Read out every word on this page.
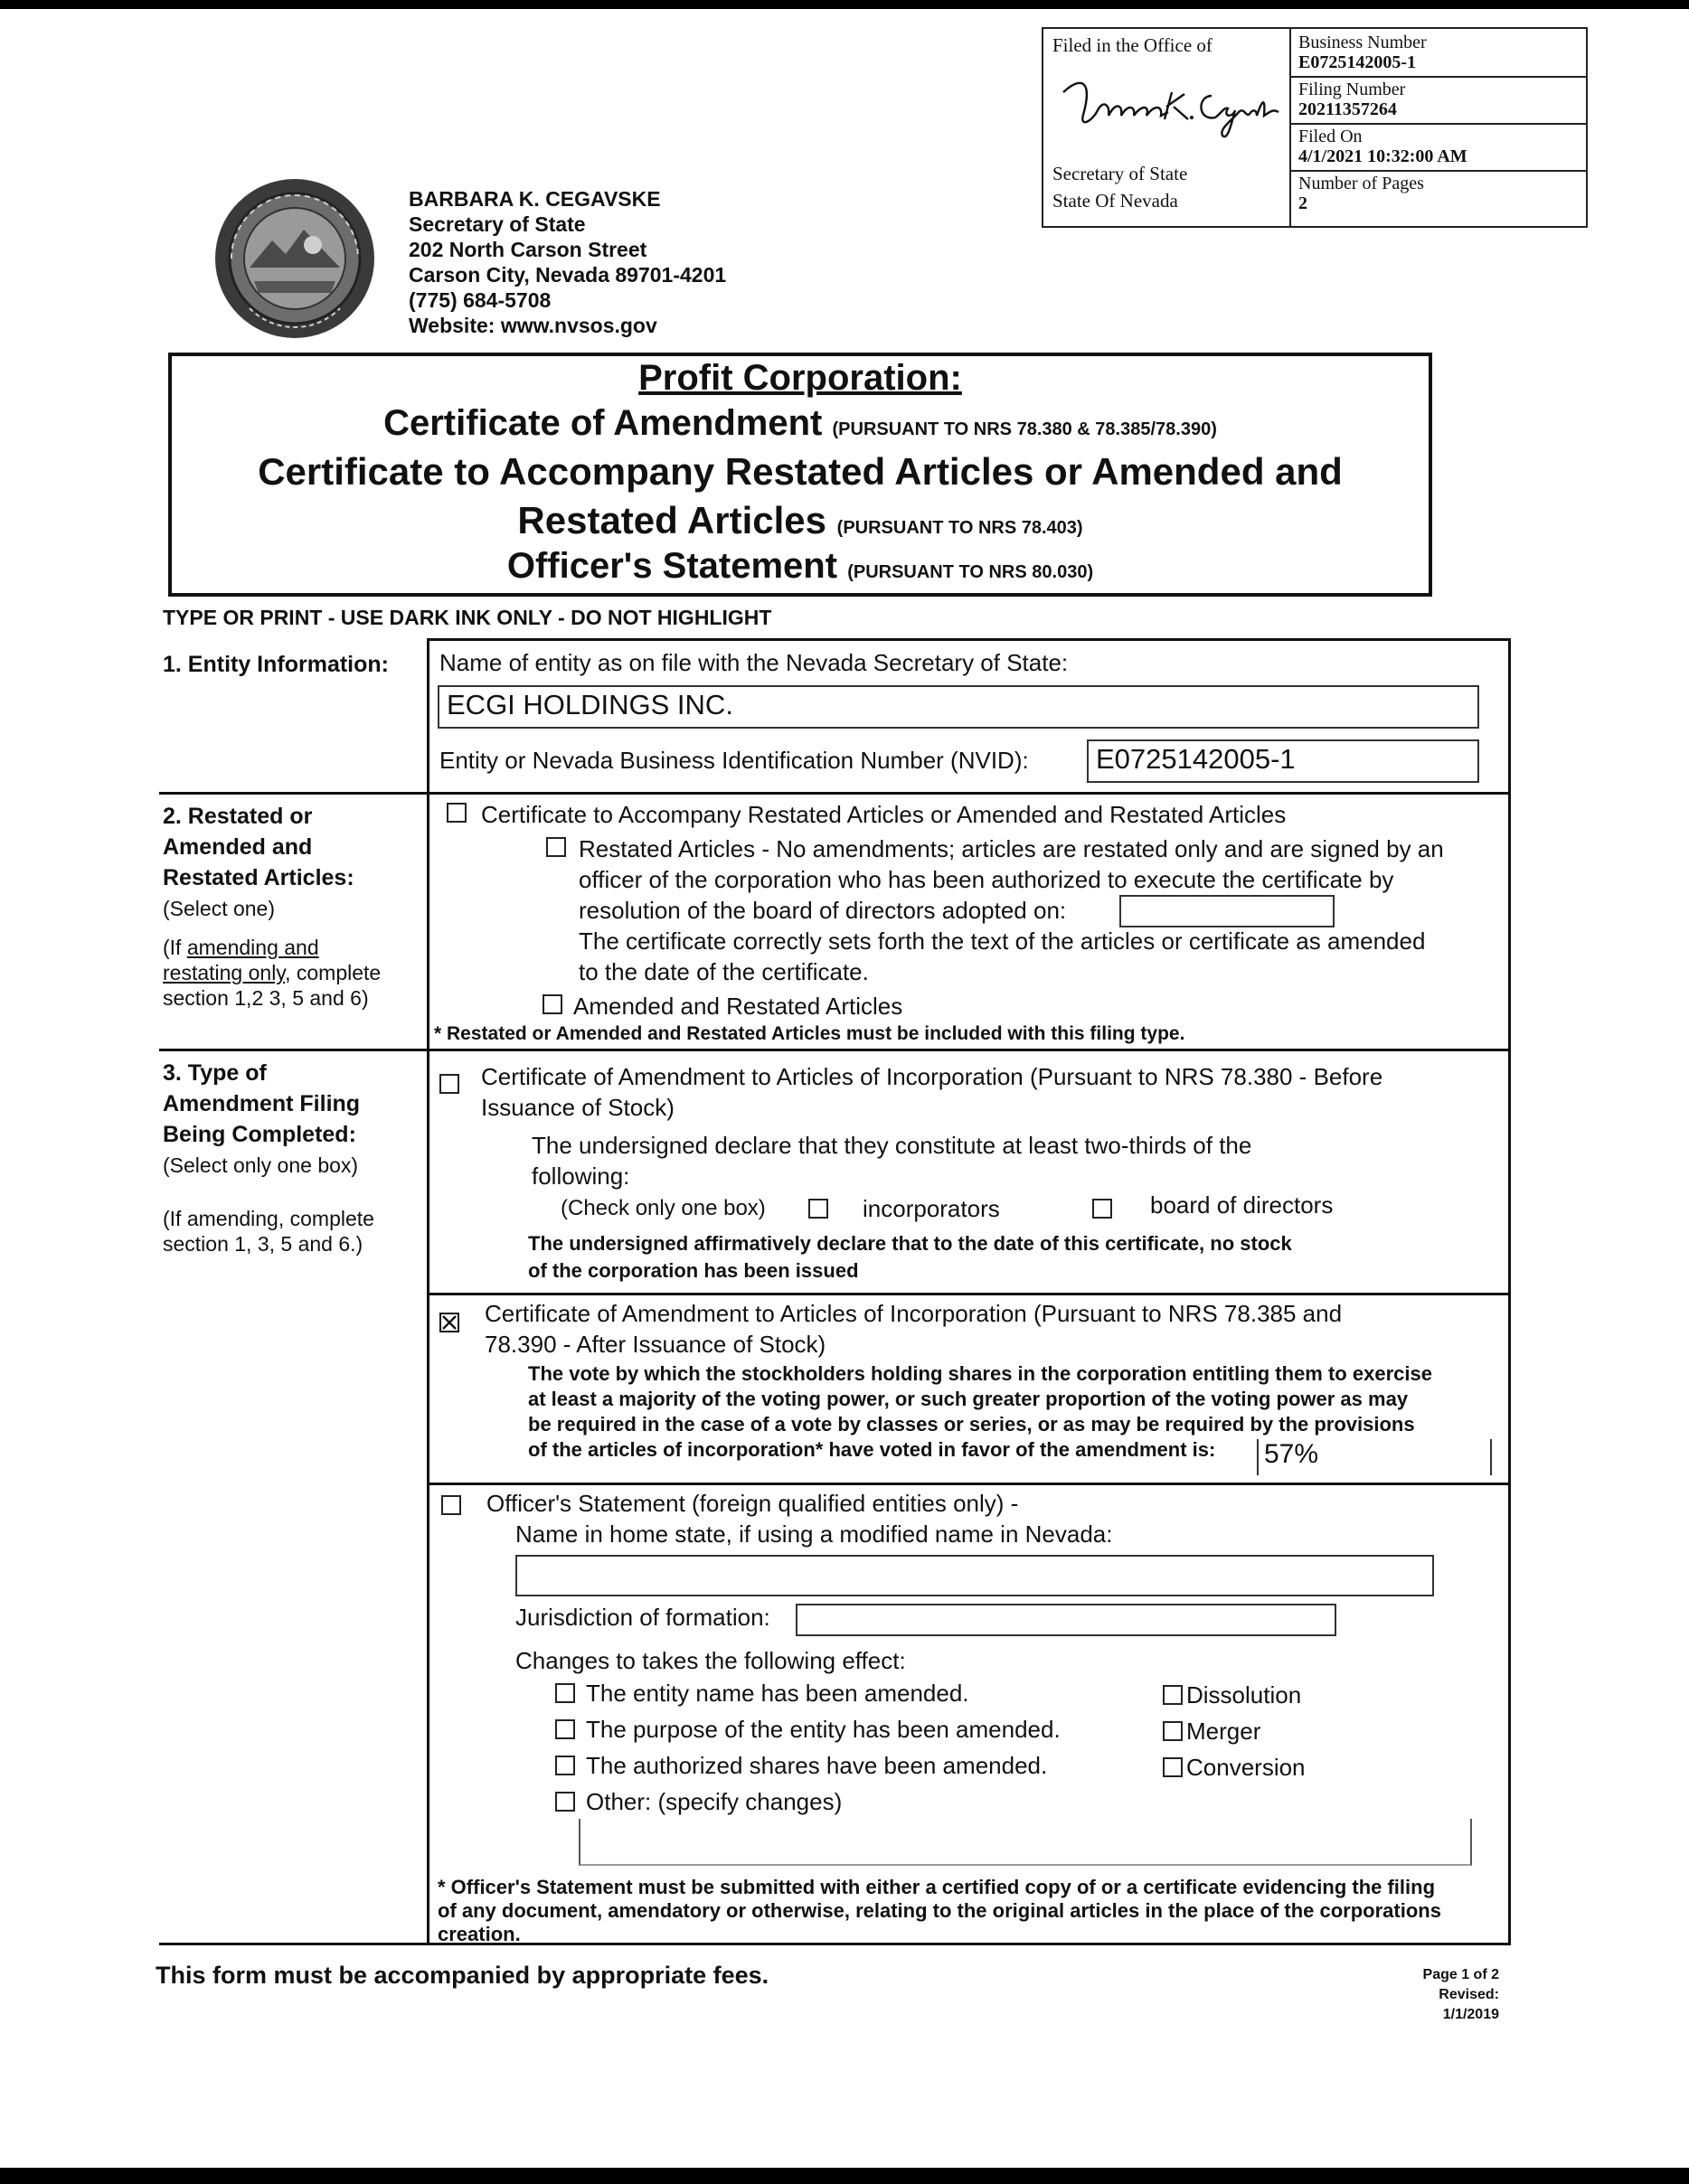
Filed in the Office of
Secretary of State
State Of Nevada
Business Number
E0725142005-1
Filing Number
20211357264
Filed On
4/1/2021 10:32:00 AM
Number of Pages
2
BARBARA K. CEGAVSKE
Secretary of State
202 North Carson Street
Carson City, Nevada 89701-4201
(775) 684-5708
Website: www.nvsos.gov
Profit Corporation:
Certificate of Amendment (PURSUANT TO NRS 78.380 & 78.385/78.390)
Certificate to Accompany Restated Articles or Amended and
Restated Articles (PURSUANT TO NRS 78.403)
Officer's Statement (PURSUANT TO NRS 80.030)
TYPE OR PRINT - USE DARK INK ONLY - DO NOT HIGHLIGHT
1. Entity Information: Name of entity as on file with the Nevada Secretary of State:
ECGI HOLDINGS INC.
Entity or Nevada Business Identification Number (NVID):	E0725142005-1
2. Restated or
Amended and
Restated Articles:
(Select one)
(If amending and
restating only, complete
section 1,2 3, 5 and 6)
Certificate to Accompany Restated Articles or Amended and Restated Articles
Restated Articles - No amendments; articles are restated only and are signed by an
officer of the corporation who has been authorized to execute the certificate by
resolution of the board of directors adopted on:
The certificate correctly sets forth the text of the articles or certificate as amended
to the date of the certificate.
Amended and Restated Articles
* Restated or Amended and Restated Articles must be included with this filing type.
3. Type of
Amendment Filing
Being Completed:
(Select only one box)
(If amending, complete
section 1, 3, 5 and 6.)
Certificate of Amendment to Articles of Incorporation (Pursuant to NRS 78.380 - Before
Issuance of Stock)
The undersigned declare that they constitute at least two-thirds of the
following:
(Check only one box)	incorporators	board of directors
The undersigned affirmatively declare that to the date of this certificate, no stock
of the corporation has been issued
Certificate of Amendment to Articles of Incorporation (Pursuant to NRS 78.385 and
78.390 - After Issuance of Stock)
The vote by which the stockholders holding shares in the corporation entitling them to exercise
at least a majority of the voting power, or such greater proportion of the voting power as may
be required in the case of a vote by classes or series, or as may be required by the provisions
of the articles of incorporation* have voted in favor of the amendment is: 57%
Officer's Statement (foreign qualified entities only) -
Name in home state, if using a modified name in Nevada:
Jurisdiction of formation:
Changes to takes the following effect:
The entity name has been amended.
The purpose of the entity has been amended.
The authorized shares have been amended.
Other: (specify changes)
Dissolution
Merger
Conversion
* Officer's Statement must be submitted with either a certified copy of or a certificate evidencing the filing
of any document, amendatory or otherwise, relating to the original articles in the place of the corporations
creation.
This form must be accompanied by appropriate fees.	Page 1 of 2
Revised: 1/1/2019
